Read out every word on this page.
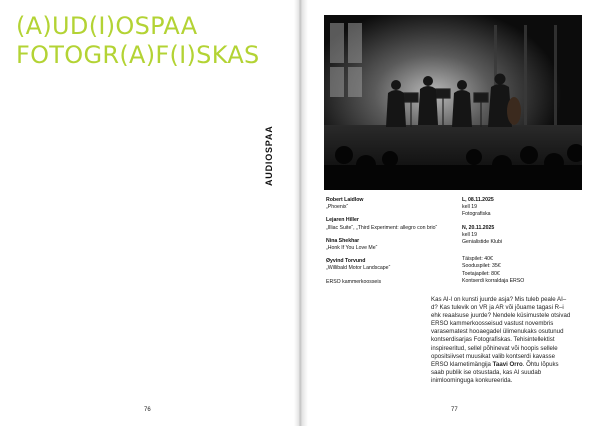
(A)UD(I)OSPAA
FOTOGR(A)F(I)SKAS
76	77
AUDIOSPAA
Robert Laidlow
„Phoenix“
Lejaren Hiller
„Illiac Suite“, „Third Experiment: allegro con brio“
Nina Shekhar
„Honk If You Love Me“
Øyvind Torvund
„Willibald Motor Landscape“
ERSO kammerkoosseis
L, 08.11.2025
kell 19
Fotografiska
N, 20.11.2025
kell 19
Genialistide Klubi
Täispilet: 40€
Sooduspilet: 35€
Toetajapilet: 80€
Kontserdi korraldaja ERSO
Kas AI-l on kunsti juurde asja? Mis tuleb peale AI–d? Kas tulevik on VR ja AR või jõuame tagasi R–i ehk reaalsuse juurde? Nendele küsimustele otsivad ERSO kammerkoosseisud vastust novembris varasematest hooaegadel ülimenukaks osutunud kontserdisarjas Fotografiskas. Tehisintellektist inspireeritud, sellel põhinevat või hoopis sellele opositsiivset muusikat valib kontserdi kavasse ERSO klarnetimängija Taavi Orro. Õhtu lõpuks saab publik ise otsustada, kas AI suudab inimloominguga konkureerida.
